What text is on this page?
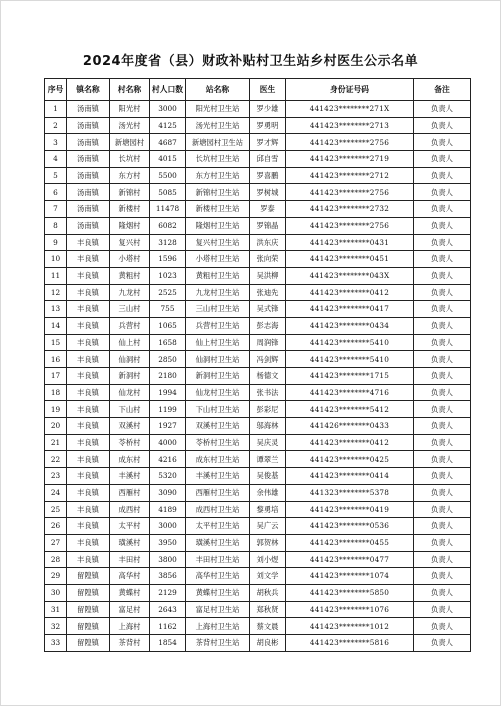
2024年度省（县）财政补贴村卫生站乡村医生公示名单
序号	镇名称	村名称	村人口数	站名称	医生	身份证号码	备注
1	汤南镇	阳光村	3000	阳光村卫生站	罗少雄	441423********271X	负责人
2	汤南镇	汤光村	4125	汤光村卫生站	罗勇明	441423********2713	负责人
3	汤南镇	新塘园村	4687	新塘园村卫生站	罗才辉	441423********2756	负责人
4	汤南镇	长坑村	4015	长坑村卫生站	邱自雪	441423********2719	负责人
5	汤南镇	东方村	5500	东方村卫生站	罗喜鹏	441423********2712	负责人
6	汤南镇	新锦村	5085	新锦村卫生站	罗树城	441423********2756	负责人
7	汤南镇	新楼村	11478	新楼村卫生站	罗泰	441423********2732	负责人
8	汤南镇	隆烟村	6082	隆烟村卫生站	罗锦晶	441423********2756	负责人
9	丰良镇	复兴村	3128	复兴村卫生站	洪东庆	441423********0431	负责人
10	丰良镇	小塔村	1596	小塔村卫生站	张向荣	441423********0451	负责人
11	丰良镇	黄粗村	1023	黄粗村卫生站	吴洪柳	441423********043X	负责人
12	丰良镇	九龙村	2525	九龙村卫生站	张迪先	441423********0412	负责人
13	丰良镇	三山村	755	三山村卫生站	吴式锋	441423********0417	负责人
14	丰良镇	兵营村	1065	兵营村卫生站	彭志海	441423********0434	负责人
15	丰良镇	仙上村	1658	仙上村卫生站	周润锋	441423********5410	负责人
16	丰良镇	仙洞村	2850	仙洞村卫生站	冯剑辉	441423********5410	负责人
17	丰良镇	新洞村	2180	新洞村卫生站	杨德文	441423********1715	负责人
18	丰良镇	仙龙村	1994	仙龙村卫生站	张书法	441423********4716	负责人
19	丰良镇	下山村	1199	下山村卫生站	彭彩尼	441423********5412	负责人
20	丰良镇	双溪村	1927	双溪村卫生站	邬海林	441426********0433	负责人
21	丰良镇	苓桥村	4000	苓桥村卫生站	吴庆灵	441423********0412	负责人
22	丰良镇	成东村	4216	成东村卫生站	谭翠兰	441423********0425	负责人
23	丰良镇	丰溪村	5320	丰溪村卫生站	吴俊基	441423********0414	负责人
24	丰良镇	西雁村	3090	西雁村卫生站	余伟雄	441323********5378	负责人
25	丰良镇	成西村	4189	成西村卫生站	黎勇培	441423********0419	负责人
26	丰良镇	太平村	3000	太平村卫生站	吴广云	441423********0536	负责人
27	丰良镇	璜溪村	3950	璜溪村卫生站	郭贺林	441423********0455	负责人
28	丰良镇	丰田村	3800	丰田村卫生站	刘小煜	441423********0477	负责人
29	留隍镇	高华村	3856	高华村卫生站	刘文学	441423********1074	负责人
30	留隍镇	黄蝶村	2129	黄蝶村卫生站	胡秋兵	441423********5850	负责人
31	留隍镇	富足村	2643	富足村卫生站	郑秋贤	441423********1076	负责人
32	留隍镇	上海村	1162	上海村卫生站	蔡文晨	441423********1012	负责人
33	留隍镇	茶背村	1854	茶背村卫生站	胡良彬	441423********5816	负责人
